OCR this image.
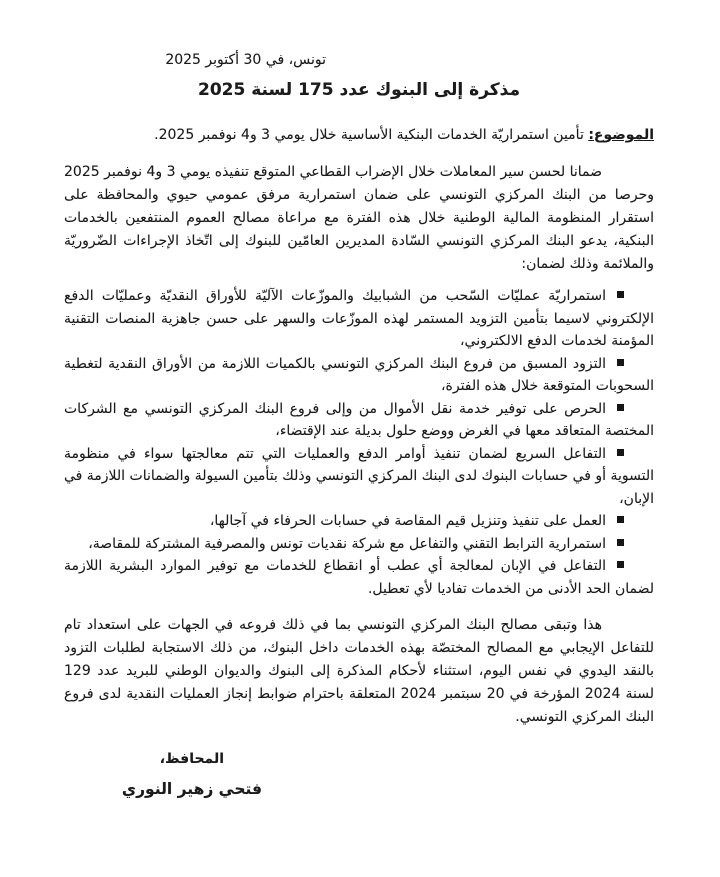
تونس، في 30 أكتوبر 2025
مذكرة إلى البنوك عدد 175 لسنة 2025
الموضوع: تأمين استمراريّة الخدمات البنكية الأساسية خلال يومي 3 و4 نوفمبر 2025.
ضمانا لحسن سير المعاملات خلال الإضراب القطاعي المتوقع تنفيذه يومي 3 و4 نوفمبر 2025 وحرصا من البنك المركزي التونسي على ضمان استمرارية مرفق عمومي حيوي والمحافظة على استقرار المنظومة المالية الوطنية خلال هذه الفترة مع مراعاة مصالح العموم المنتفعين بالخدمات البنكية، يدعو البنك المركزي التونسي السّادة المديرين العامّين للبنوك إلى اتّخاذ الإجراءات الضّروريّة والملائمة وذلك لضمان:
استمراريّة عمليّات السّحب من الشبابيك والموزّعات الآليّة للأوراق النقديّة وعمليّات الدفع الإلكتروني لاسيما بتأمين التزويد المستمر لهذه الموزّعات والسهر على حسن جاهزية المنصات التقنية المؤمنة لخدمات الدفع الالكتروني،
التزود المسبق من فروع البنك المركزي التونسي بالكميات اللازمة من الأوراق النقدية لتغطية السحوبات المتوقعة خلال هذه الفترة،
الحرص على توفير خدمة نقل الأموال من وإلى فروع البنك المركزي التونسي مع الشركات المختصة المتعاقد معها في الغرض ووضع حلول بديلة عند الإقتضاء،
التفاعل السريع لضمان تنفيذ أوامر الدفع والعمليات التي تتم معالجتها سواء في منظومة التسوية أو في حسابات البنوك لدى البنك المركزي التونسي وذلك بتأمين السيولة والضمانات اللازمة في الإبان،
العمل على تنفيذ وتنزيل قيم المقاصة في حسابات الحرفاء في آجالها،
استمرارية الترابط التقني والتفاعل مع شركة نقديات تونس والمصرفية المشتركة للمقاصة،
التفاعل في الإبان لمعالجة أي عطب أو انقطاع للخدمات مع توفير الموارد البشرية اللازمة لضمان الحد الأدنى من الخدمات تفاديا لأي تعطيل.
هذا وتبقى مصالح البنك المركزي التونسي بما في ذلك فروعه في الجهات على استعداد تام للتفاعل الإيجابي مع المصالح المختصّة بهذه الخدمات داخل البنوك، من ذلك الاستجابة لطلبات التزود بالنقد اليدوي في نفس اليوم، استثناء لأحكام المذكرة إلى البنوك والديوان الوطني للبريد عدد 129 لسنة 2024 المؤرخة في 20 سبتمبر 2024 المتعلقة باحترام ضوابط إنجاز العمليات النقدية لدى فروع البنك المركزي التونسي.
المحافظ،
فتحي زهير النوري
